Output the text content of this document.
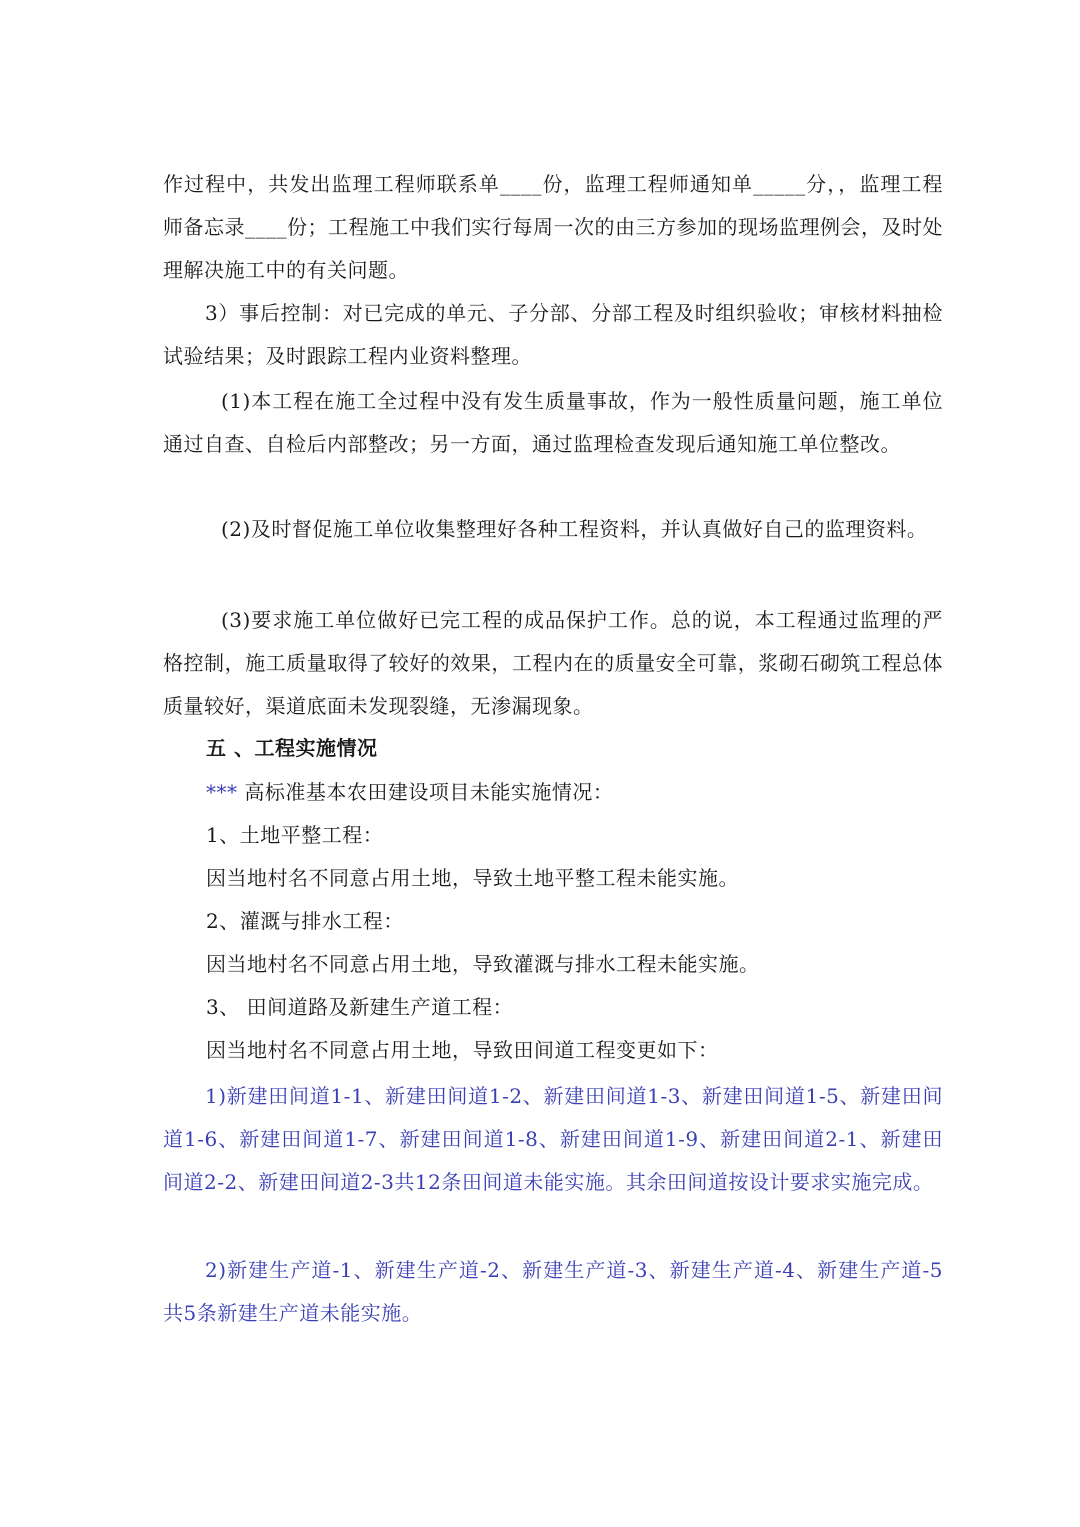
作过程中，共发出监理工程师联系单____份，监理工程师通知单_____分，，监理工程师备忘录____份；工程施工中我们实行每周一次的由三方参加的现场监理例会，及时处理解决施工中的有关问题。

3）事后控制：对已完成的单元、子分部、分部工程及时组织验收；审核材料抽检试验结果；及时跟踪工程内业资料整理。

(1)本工程在施工全过程中没有发生质量事故，作为一般性质量问题，施工单位通过自查、自检后内部整改；另一方面，通过监理检查发现后通知施工单位整改。

(2)及时督促施工单位收集整理好各种工程资料，并认真做好自己的监理资料。

(3)要求施工单位做好已完工程的成品保护工作。总的说，本工程通过监理的严格控制，施工质量取得了较好的效果，工程内在的质量安全可靠，浆砌石砌筑工程总体质量较好，渠道底面未发现裂缝，无渗漏现象。

五 、工程实施情况

*** 高标准基本农田建设项目未能实施情况：

1、土地平整工程：

因当地村名不同意占用土地，导致土地平整工程未能实施。

2、灌溉与排水工程：

因当地村名不同意占用土地，导致灌溉与排水工程未能实施。

3、 田间道路及新建生产道工程：

因当地村名不同意占用土地，导致田间道工程变更如下：

1)新建田间道1-1、新建田间道1-2、新建田间道1-3、新建田间道1-5、新建田间道1-6、新建田间道1-7、新建田间道1-8、新建田间道1-9、新建田间道2-1、新建田间道2-2、新建田间道2-3共12条田间道未能实施。其余田间道按设计要求实施完成。

2)新建生产道-1、新建生产道-2、新建生产道-3、新建生产道-4、新建生产道-5共5条新建生产道未能实施。
